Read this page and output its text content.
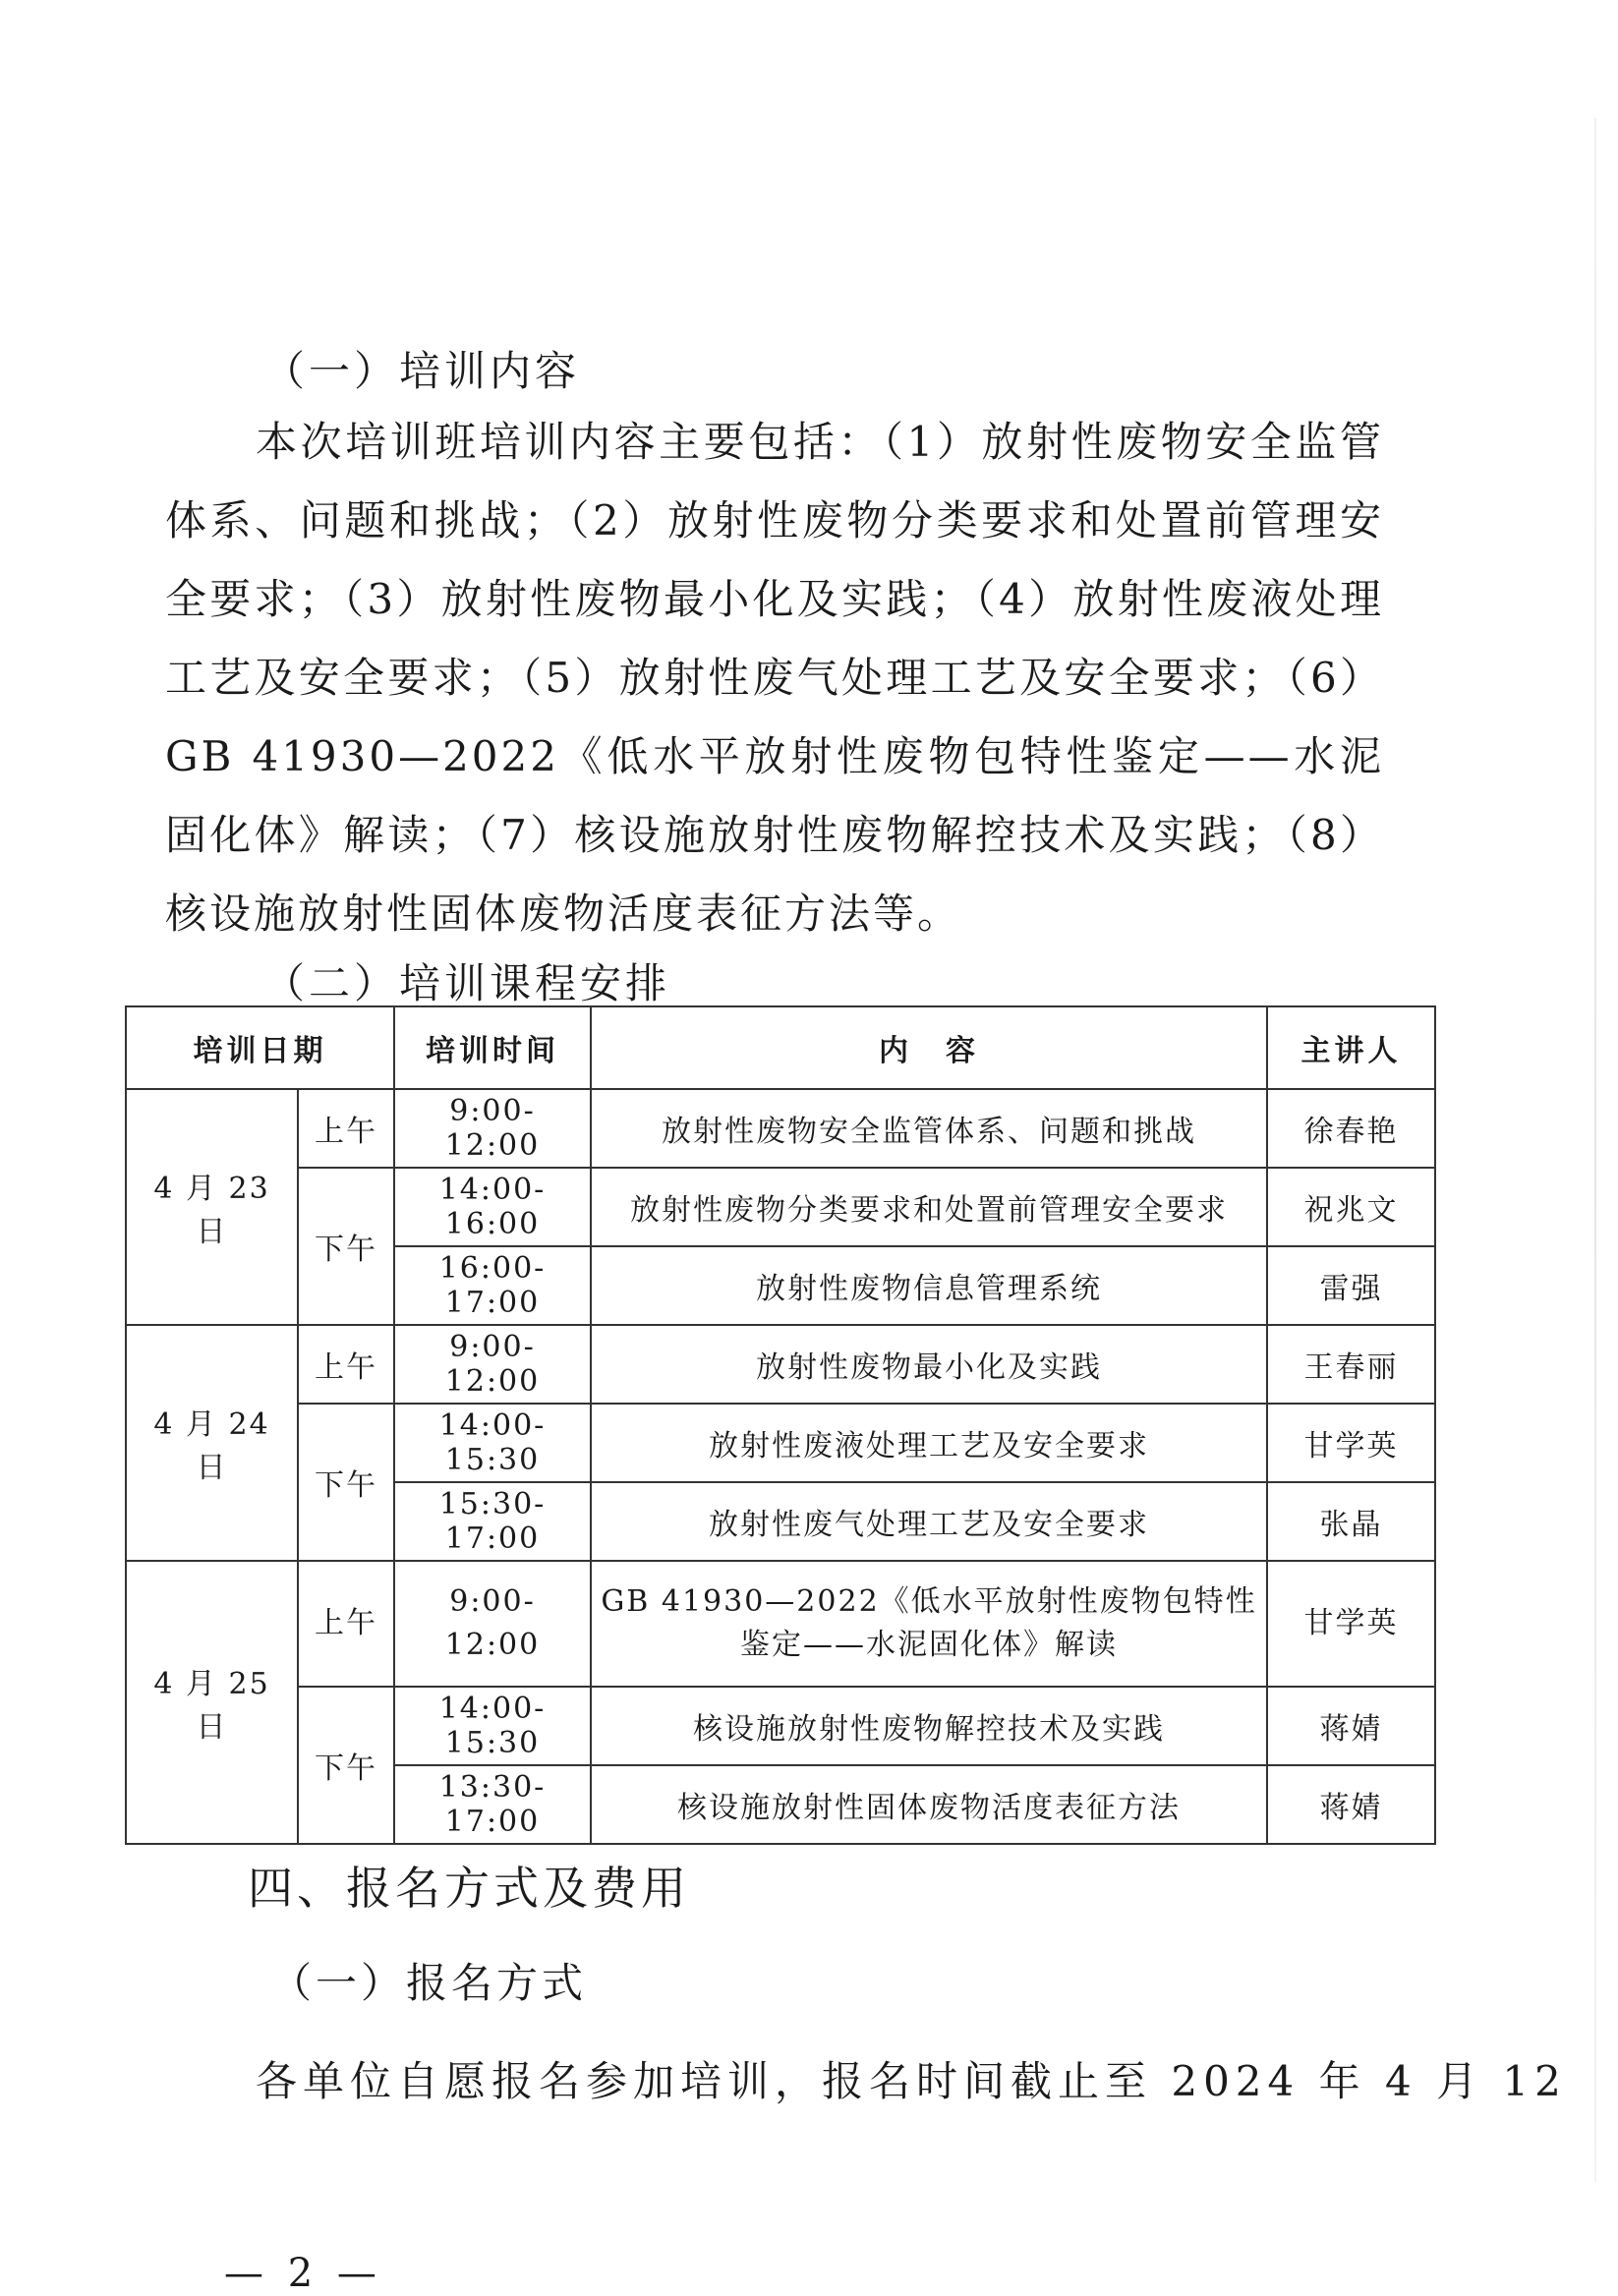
（一）培训内容

本次培训班培训内容主要包括：（1）放射性废物安全监管体系、问题和挑战；（2）放射性废物分类要求和处置前管理安全要求；（3）放射性废物最小化及实践；（4）放射性废液处理工艺及安全要求；（5）放射性废气处理工艺及安全要求；（6）GB 41930—2022《低水平放射性废物包特性鉴定——水泥固化体》解读；（7）核设施放射性废物解控技术及实践；（8）核设施放射性固体废物活度表征方法等。

（二）培训课程安排
培训日期		培训时间	内　容	主讲人
4 月 23 日	上午	9:00-12:00	放射性废物安全监管体系、问题和挑战	徐春艳
	下午	14:00-16:00	放射性废物分类要求和处置前管理安全要求	祝兆文
		16:00-17:00	放射性废物信息管理系统	雷强
4 月 24 日	上午	9:00-12:00	放射性废物最小化及实践	王春丽
	下午	14:00-15:30	放射性废液处理工艺及安全要求	甘学英
		15:30-17:00	放射性废气处理工艺及安全要求	张晶
4 月 25 日	上午	9:00-12:00	GB 41930—2022《低水平放射性废物包特性鉴定——水泥固化体》解读	甘学英
	下午	14:00-15:30	核设施放射性废物解控技术及实践	蒋婧
		13:30-17:00	核设施放射性固体废物活度表征方法	蒋婧
四、报名方式及费用
（一）报名方式
各单位自愿报名参加培训，报名时间截止至 2024 年 4 月 12
— 2 —
